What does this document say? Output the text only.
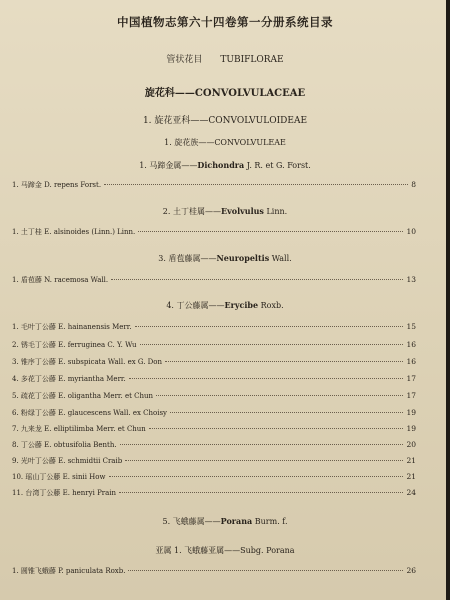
中国植物志第六十四卷第一分册系统目录
管状花目　　TUBIFLORAE
旋花科——CONVOLVULACEAE
1. 旋花亚科——CONVOLVULOIDEAE
1. 旋花族——CONVOLVULEAE
1. 马蹄金属——Dichondra J. R. et G. Forst.
1. 马蹄金 D. repens Forst.	8
2. 土丁桂属——Evolvulus Linn.
1. 土丁桂 E. alsinoides (Linn.) Linn.	10
3. 盾苞藤属——Neuropeltis Wall.
1. 盾苞藤 N. racemosa Wall.	13
4. 丁公藤属——Erycibe Roxb.
1. 毛叶丁公藤 E. hainanensis Merr.	15
2. 锈毛丁公藤 E. ferruginea C. Y. Wu	16
3. 锥序丁公藤 E. subspicata Wall. ex G. Don	16
4. 多花丁公藤 E. myriantha Merr.	17
5. 疏花丁公藤 E. oligantha Merr. et Chun	17
6. 粉绿丁公藤 E. glaucescens Wall. ex Choisy	19
7. 九来龙 E. elliptilimba Merr. et Chun	19
8. 丁公藤 E. obtusifolia Benth.	20
9. 光叶丁公藤 E. schmidtii Craib	21
10. 瑶山丁公藤 E. sinii How	21
11. 台湾丁公藤 E. henryi Prain	24
5. 飞蛾藤属——Porana Burm. f.
亚属 1. 飞蛾藤亚属——Subg. Porana
1. 圆锥飞蛾藤 P. paniculata Roxb.	26
